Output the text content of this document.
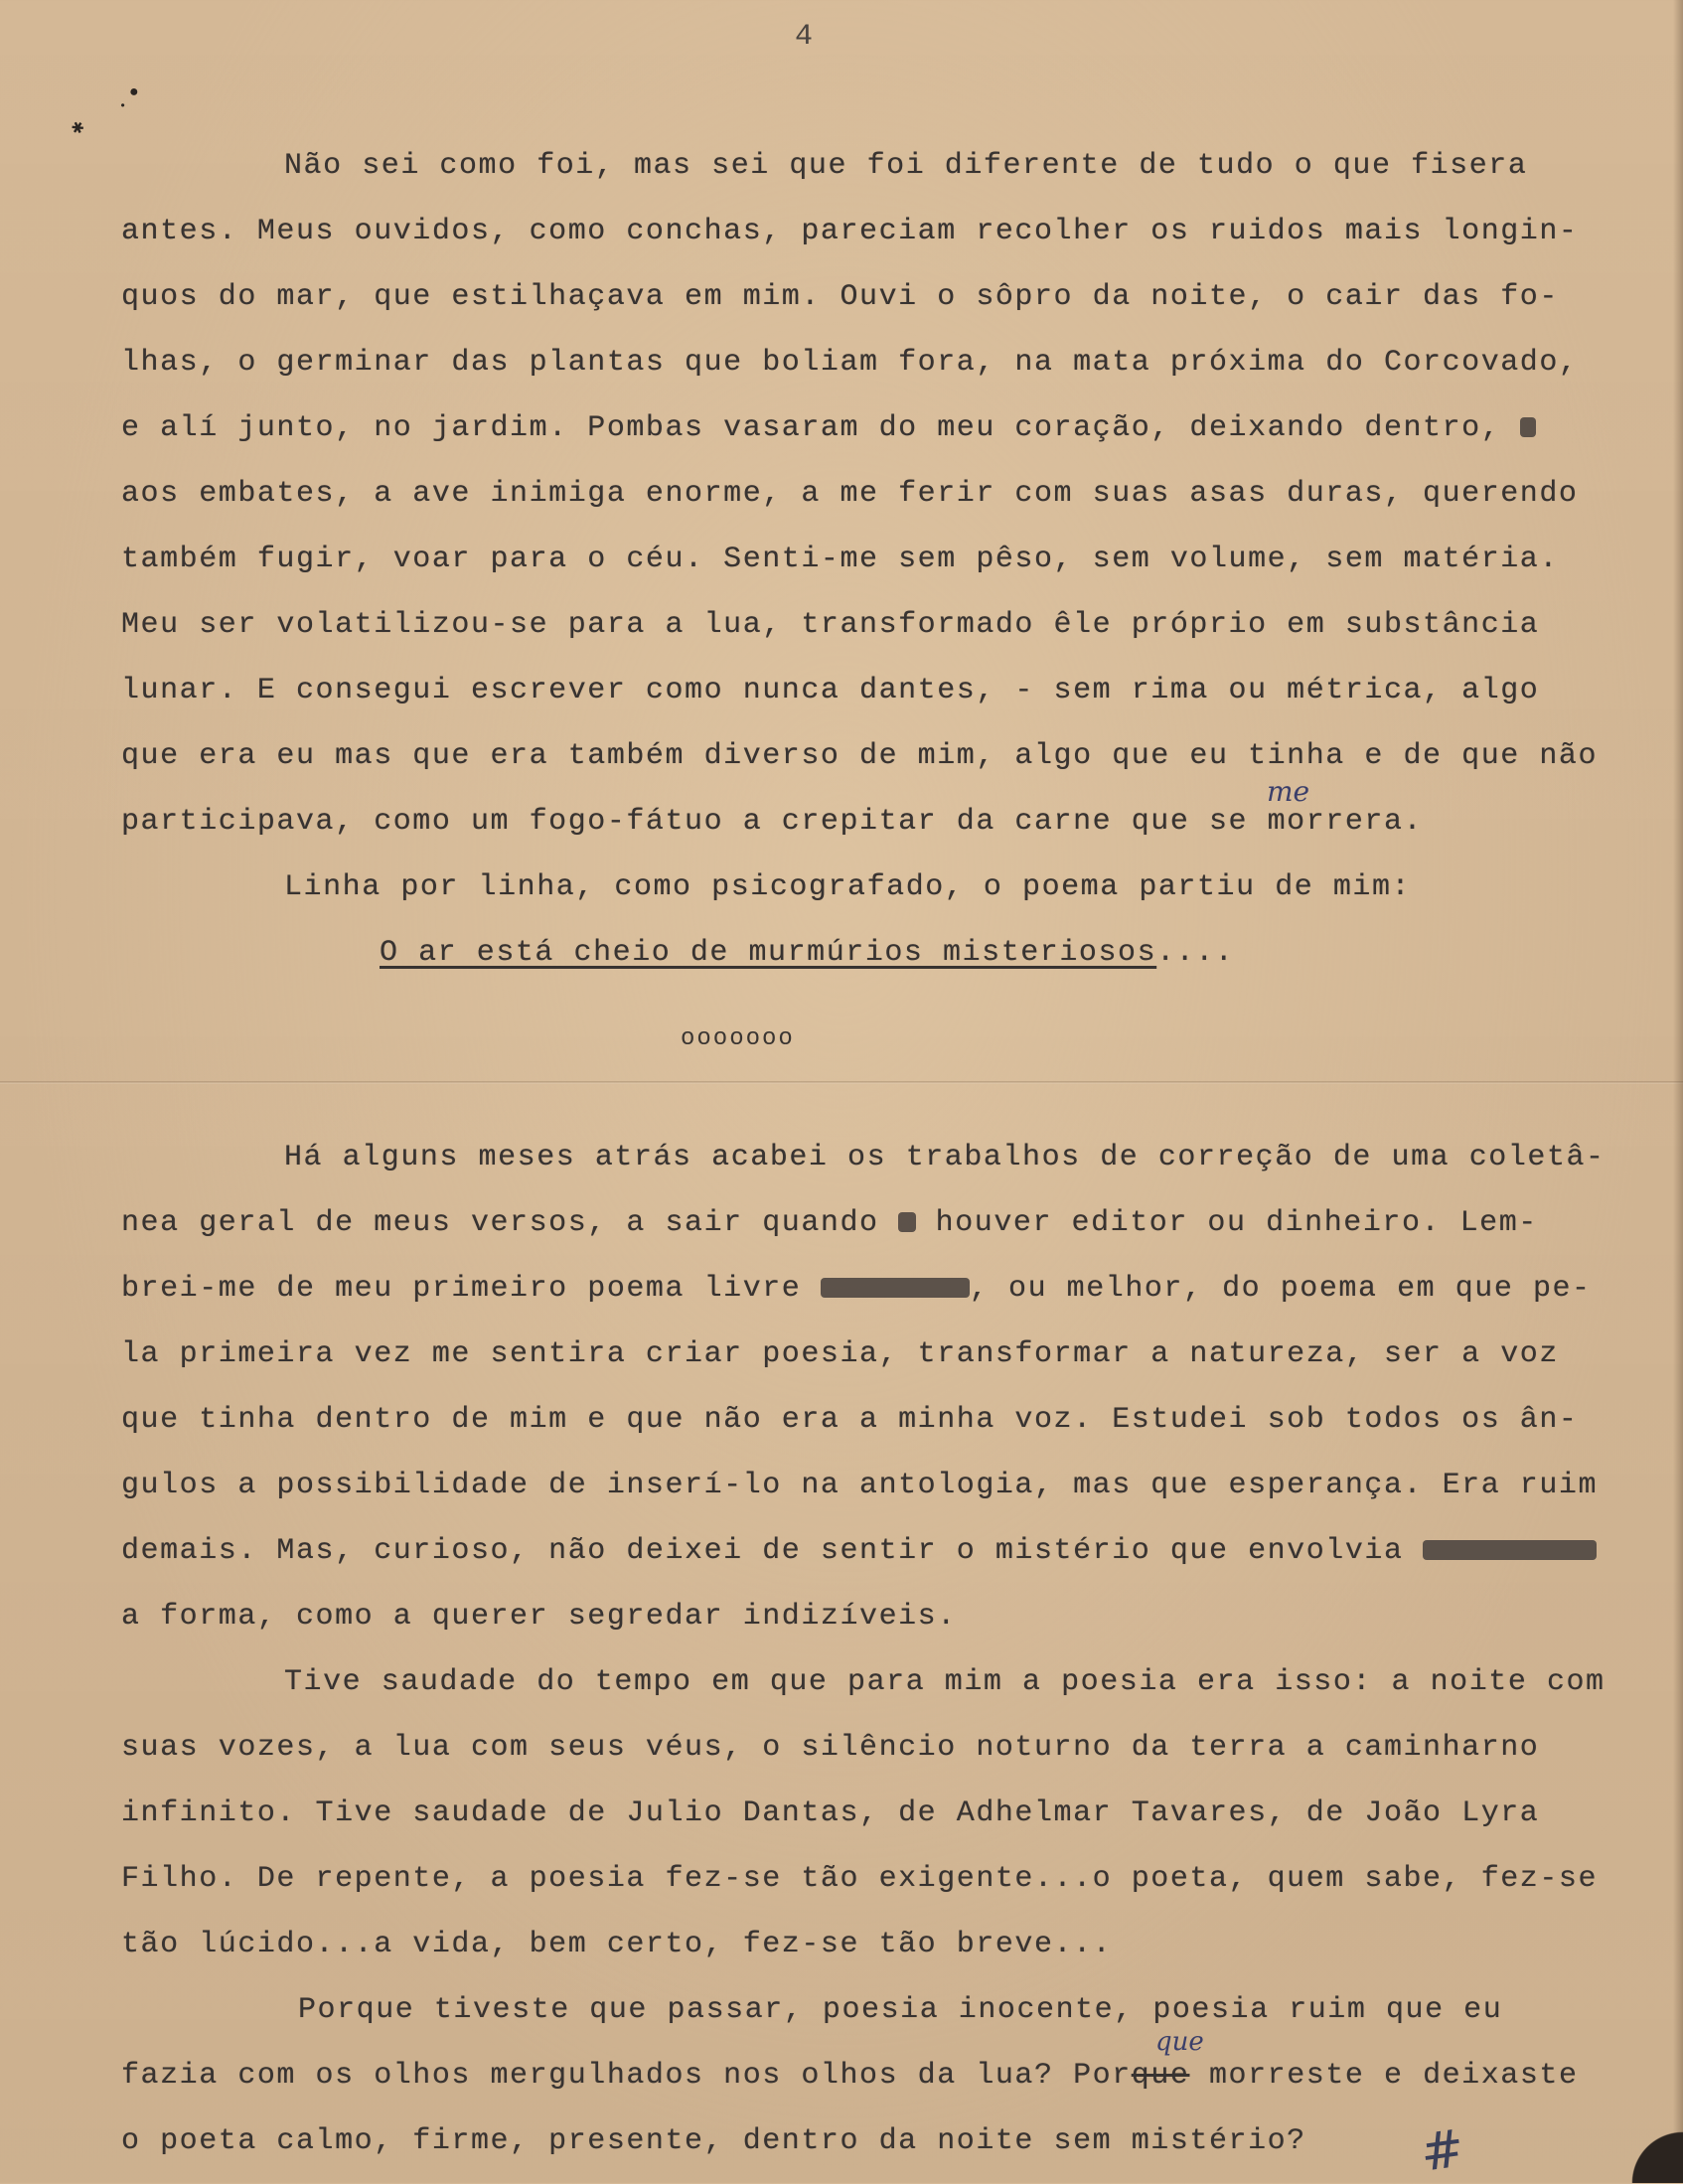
4
✱
●
•
Não sei como foi, mas sei que foi diferente de tudo o que fisera
antes. Meus ouvidos, como conchas, pareciam recolher os ruidos mais longin-
quos do mar, que estilhaçava em mim. Ouvi o sôpro da noite, o cair das fo-
lhas, o germinar das plantas que boliam fora, na mata próxima do Corcovado,
e alí junto, no jardim. Pombas vasaram do meu coração, deixando dentro,
aos embates, a ave inimiga enorme, a me ferir com suas asas duras, querendo
também fugir, voar para o céu. Senti-me sem pêso, sem volume, sem matéria.
Meu ser volatilizou-se para a lua, transformado êle próprio em substância
lunar. E consegui escrever como nunca dantes, - sem rima ou métrica, algo
que era eu mas que era também diverso de mim, algo que eu tinha e de que não
participava, como um fogo-fátuo a crepitar da carne que se morrera.
me
Linha por linha, como psicografado, o poema partiu de mim:
O ar está cheio de murmúrios misteriosos....
ooooooo
Há alguns meses atrás acabei os trabalhos de correção de uma coletâ-
nea geral de meus versos, a sair quando  houver editor ou dinheiro. Lem-
brei-me de meu primeiro poema livre	, ou melhor, do poema em que pe-
la primeira vez me sentira criar poesia, transformar a natureza, ser a voz
que tinha dentro de mim e que não era a minha voz. Estudei sob todos os ân-
gulos a possibilidade de inserí-lo na antologia, mas que esperança. Era ruim
demais. Mas, curioso, não deixei de sentir o mistério que envolvia
a forma, como a querer segredar indizíveis.
Tive saudade do tempo em que para mim a poesia era isso: a noite com
suas vozes, a lua com seus véus, o silêncio noturno da terra a caminharno
infinito. Tive saudade de Julio Dantas, de Adhelmar Tavares, de João Lyra
Filho. De repente, a poesia fez-se tão exigente...o poeta, quem sabe, fez-se
tão lúcido...a vida, bem certo, fez-se tão breve...
Porque tiveste que passar, poesia inocente, poesia ruim que eu
fazia com os olhos mergulhados nos olhos da lua? Porque morreste e deixaste
que
o poeta calmo, firme, presente, dentro da noite sem mistério? #
